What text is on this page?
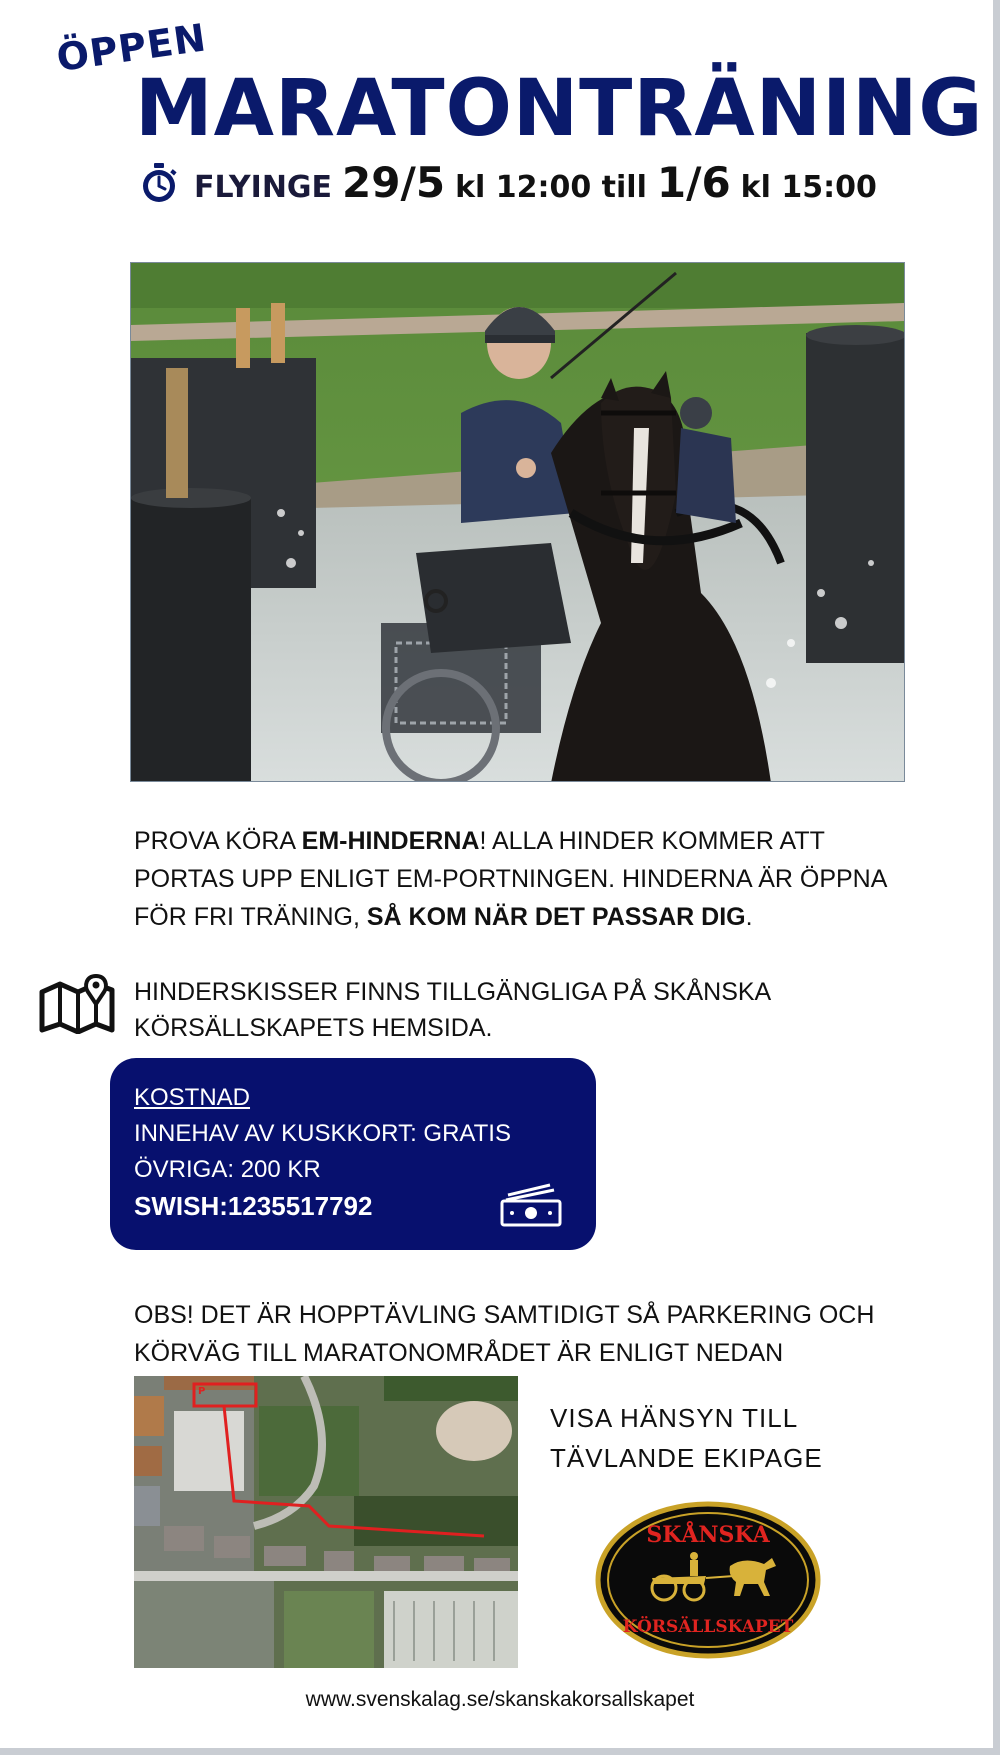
ÖPPEN
MARATONTRÄNING
FLYINGE 29/5 kl 12:00 till 1/6 kl 15:00
PROVA KÖRA EM-HINDERNA! ALLA HINDER KOMMER ATT PORTAS UPP ENLIGT EM-PORTNINGEN. HINDERNA ÄR ÖPPNA FÖR FRI TRÄNING, SÅ KOM NÄR DET PASSAR DIG.
HINDERSKISSER FINNS TILLGÄNGLIGA PÅ SKÅNSKA KÖRSÄLLSKAPETS HEMSIDA.
KOSTNAD
INNEHAV AV KUSKKORT: GRATIS
ÖVRIGA: 200 KR
SWISH:1235517792
OBS! DET ÄR HOPPTÄVLING SAMTIDIGT SÅ PARKERING OCH KÖRVÄG TILL MARATONOMRÅDET ÄR ENLIGT NEDAN
P
VISA HÄNSYN TILL
TÄVLANDE EKIPAGE
SKÅNSKA
KÖRSÄLLSKAPET
www.svenskalag.se/skanskakorsallskapet
